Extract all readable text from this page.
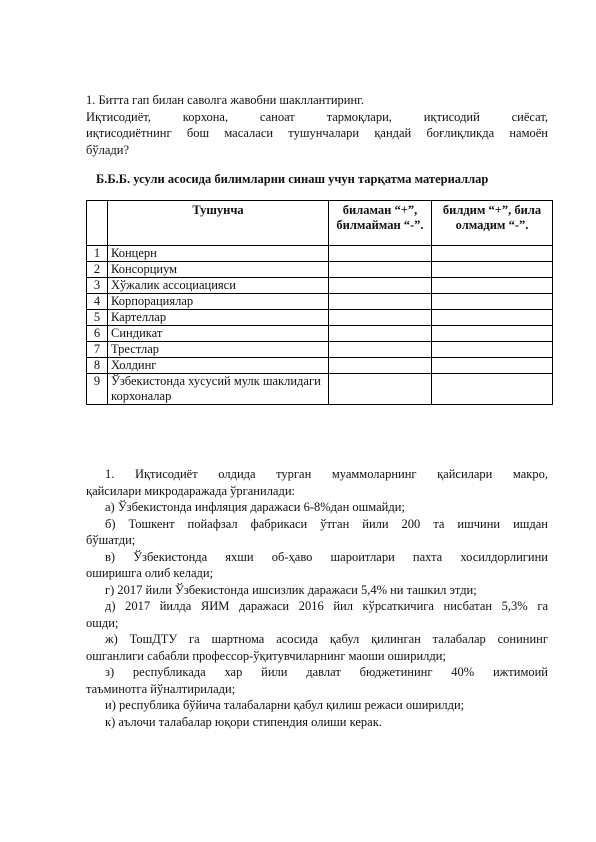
1. Битта гап билан саволга жавобни шакллантиринг.
Иқтисодиёт, корхона, саноат тармоқлари, иқтисодий сиёсат,
иқтисодиётнинг бош масаласи тушунчалари қандай боғлиқликда намоён
бўлади?
Б.Б.Б. усули асосида билимларни синаш учун тарқатма материаллар
	Тушунча	биламан “+”, билмайман “-”.	билдим “+”, била олмадим “-”.
1	Концерн		
2	Консорциум		
3	Хўжалик ассоциацияси		
4	Корпорациялар		
5	Картеллар		
6	Синдикат		
7	Трестлар		
8	Холдинг		
9	Ўзбекистонда хусусий мулк шаклидаги корхоналар		
1. Иқтисодиёт олдида турган муаммоларнинг қайсилари макро,
қайсилари микродаражада ўрганилади:
а) Ўзбекистонда инфляция даражаси 6-8%дан ошмайди;
б) Тошкент пойафзал фабрикаси ўтган йили 200 та ишчини ишдан
бўшатди;
в) Ўзбекистонда яхши об-ҳаво шароитлари пахта хосилдорлигини
оширишга олиб келади;
г) 2017 йили Ўзбекистонда ишсизлик даражаси 5,4% ни ташкил этди;
д) 2017 йилда ЯИМ даражаси 2016 йил кўрсаткичига нисбатан 5,3% га
ошди;
ж) ТошДТУ га шартнома асосида қабул қилинган талабалар сонининг
ошганлиги сабабли профессор-ўқитувчиларнинг маоши оширилди;
з) республикада хар йили давлат бюджетининг 40% ижтимоий
таъминотга йўналтирилади;
и) республика бўйича талабаларни қабул қилиш режаси оширилди;
к) аълочи талабалар юқори стипендия олиши керак.
